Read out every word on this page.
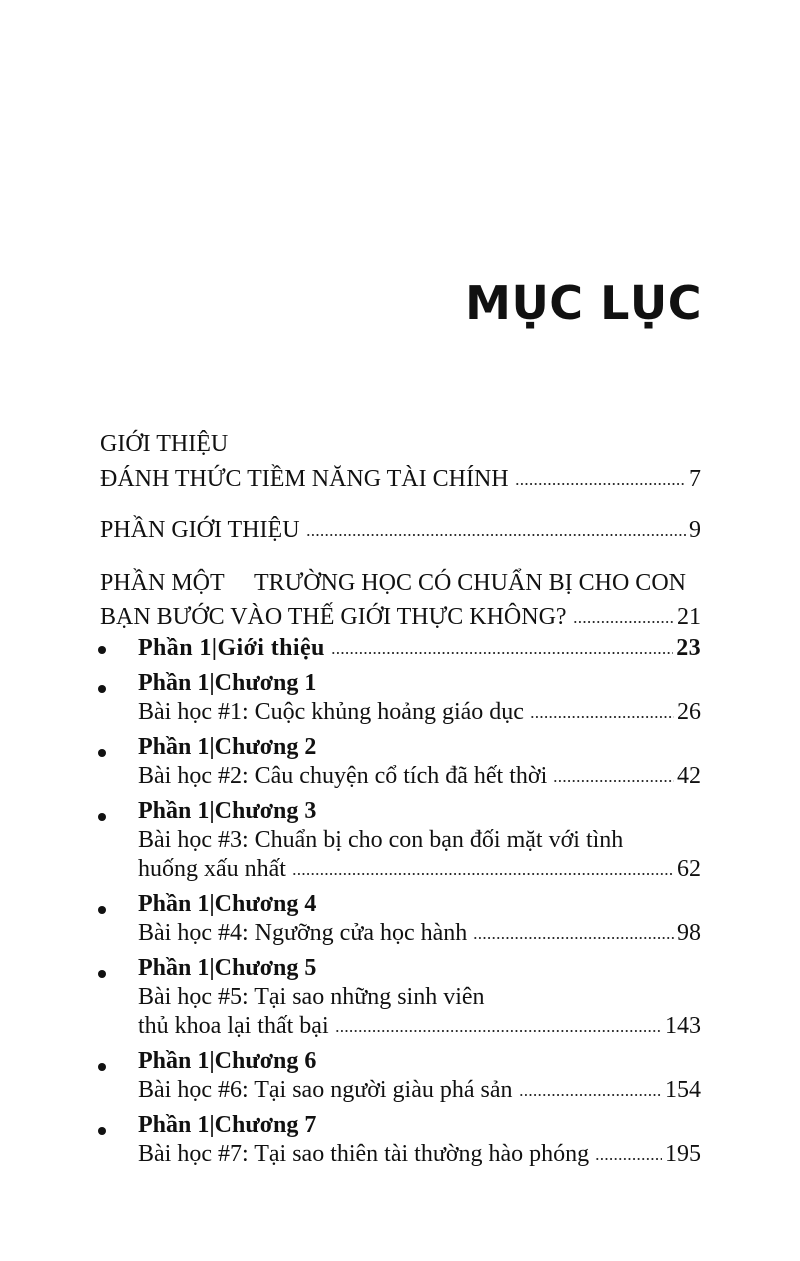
MỤC LỤC
GIỚI THIỆU
ĐÁNH THỨC TIỀM NĂNG TÀI CHÍNH	7
PHẦN GIỚI THIỆU	9
PHẦN MỘT	TRƯỜNG HỌC CÓ CHUẨN BỊ CHO CON
BẠN BƯỚC VÀO THẾ GIỚI THỰC KHÔNG?	21
Phần 1|Giới thiệu	23
Phần 1|Chương 1
Bài học #1: Cuộc khủng hoảng giáo dục	26
Phần 1|Chương 2
Bài học #2: Câu chuyện cổ tích đã hết thời	42
Phần 1|Chương 3
Bài học #3: Chuẩn bị cho con bạn đối mặt với tình
huống xấu nhất	62
Phần 1|Chương 4
Bài học #4: Ngưỡng cửa học hành	98
Phần 1|Chương 5
Bài học #5: Tại sao những sinh viên
thủ khoa lại thất bại	143
Phần 1|Chương 6
Bài học #6: Tại sao người giàu phá sản	154
Phần 1|Chương 7
Bài học #7: Tại sao thiên tài thường hào phóng	195
